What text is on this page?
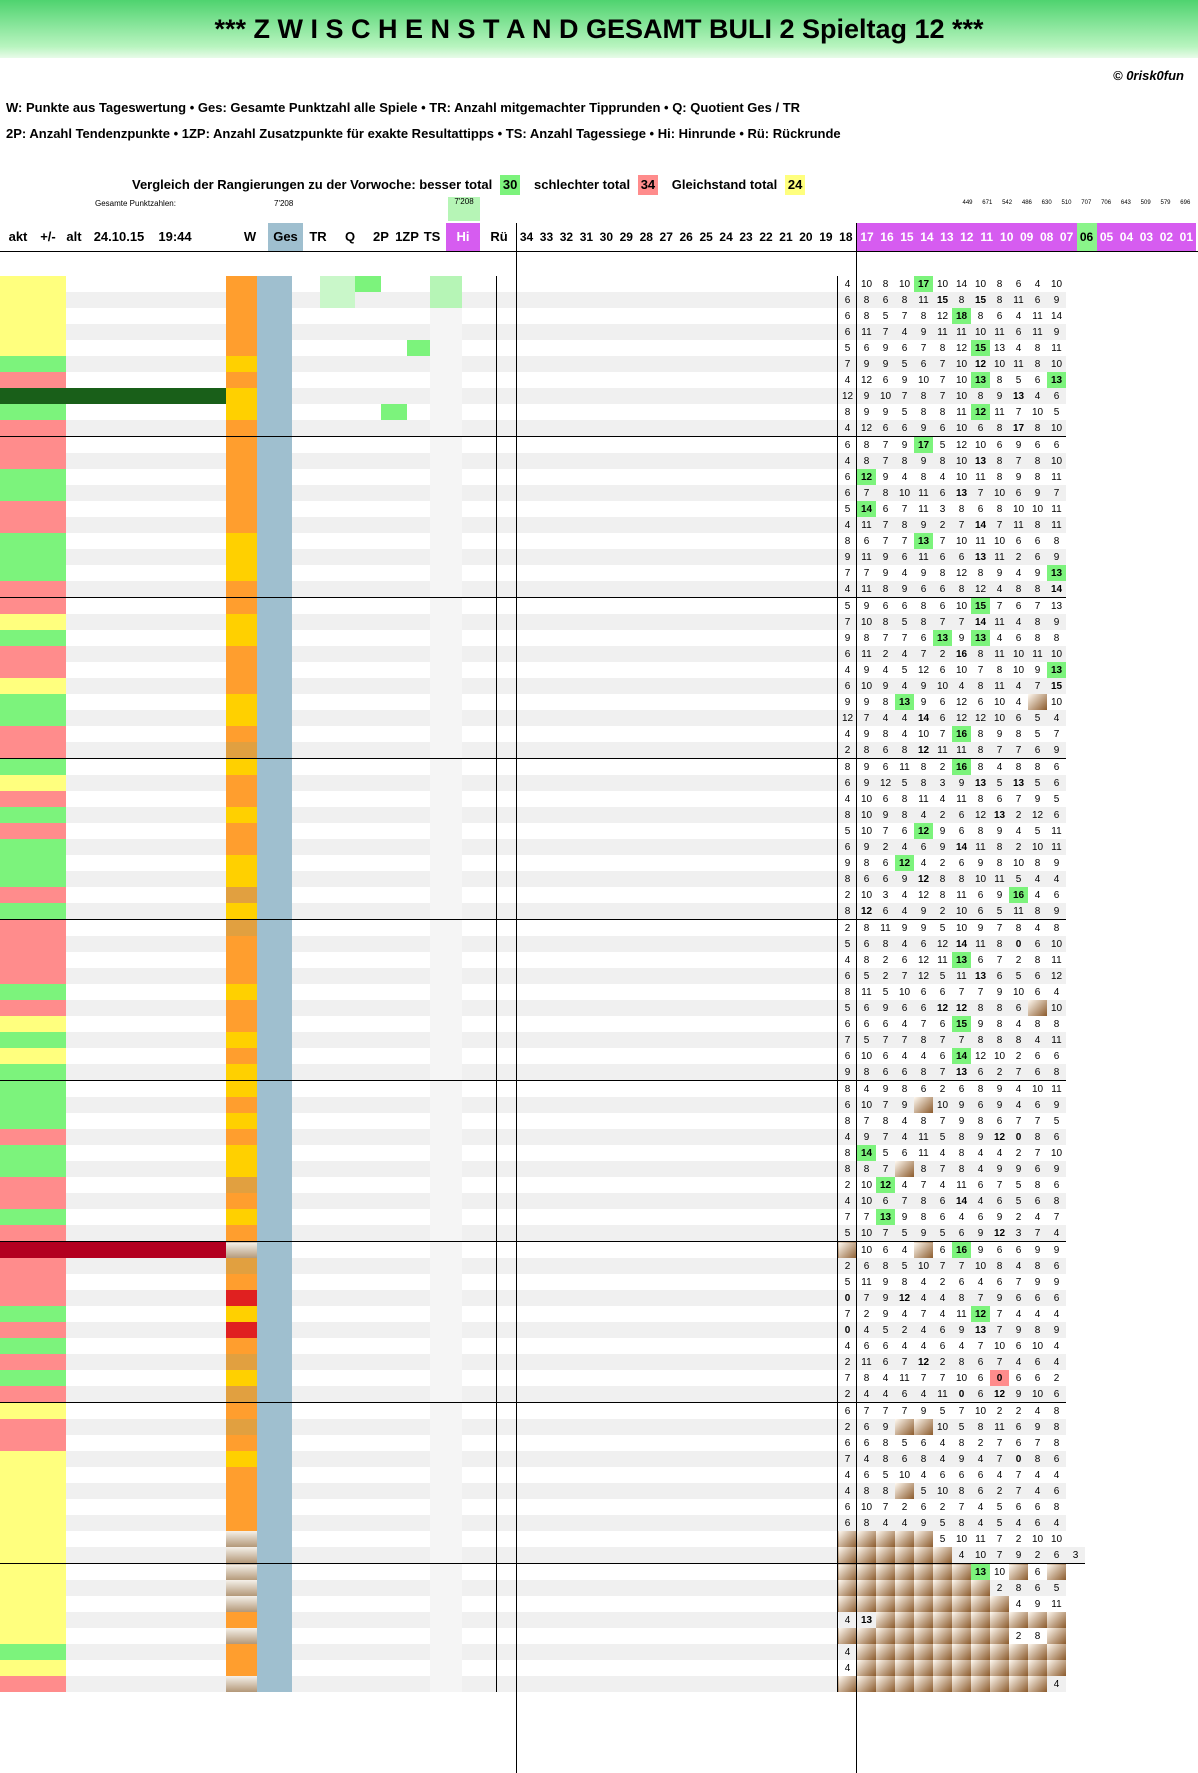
*** Z W I S C H E N S T A N D GESAMT BULI 2 Spieltag 12 ***
© 0risk0fun
W: Punkte aus Tageswertung • Ges: Gesamte Punktzahl alle Spiele • TR: Anzahl mitgemachter Tipprunden • Q: Quotient Ges / TR
2P: Anzahl Tendenzpunkte • 1ZP: Anzahl Zusatzpunkte für exakte Resultattipps • TS: Anzahl Tagessiege • Hi: Hinrunde • Rü: Rückrunde
Vergleich der Rangierungen zu der Vorwoche: besser total 30 schlechter total 34 Gleichstand total 24
Gesamte Punktzahlen:	7'208	7'208	449	671	542	486	630	510	707	706	643	509	579	696
akt +/- alt 24.10.15	19:44	W	Ges TR	Q	2P 1ZP TS	Hi	Rü	34 33 32 31 30 29 28 27 26 25 24 23 22 21 20 19 18 17 16 15 14 13 12 11 10 09 08 07 06 05 04 03 02 01
														4	10	8	10	17	10	14	10	8	6	4	10	
														6	8	6	8	11	15	8	15	8	11	6	9	
														6	8	5	7	8	12	18	8	6	4	11	14	
														6	11	7	4	9	11	11	10	11	6	11	9	
														5	6	9	6	7	8	12	15	13	4	8	11	
														7	9	9	5	6	7	10	12	10	11	8	10	
														4	12	6	9	10	7	10	13	8	5	6	13	
														12	9	10	7	8	7	10	8	9	13	4	6	
														8	9	9	5	8	8	11	12	11	7	10	5	
														4	12	6	6	9	6	10	6	8	17	8	10	
														6	8	7	9	17	5	12	10	6	9	6	6	
														4	8	7	8	9	8	10	13	8	7	8	10	
														6	12	9	4	8	4	10	11	8	9	8	11	
														6	7	8	10	11	6	13	7	10	6	9	7	
														5	14	6	7	11	3	8	6	8	10	10	11	
														4	11	7	8	9	2	7	14	7	11	8	11	
														8	6	7	7	13	7	10	11	10	6	6	8	
														9	11	9	6	11	6	6	13	11	2	6	9	
														7	7	9	4	9	8	12	8	9	4	9	13	
														4	11	8	9	6	6	8	12	4	8	8	14	
														5	9	6	6	8	6	10	15	7	6	7	13	
														7	10	8	5	8	7	7	14	11	4	8	9	
														9	8	7	7	6	13	9	13	4	6	8	8	
														6	11	2	4	7	2	16	8	11	10	11	10	
														4	9	4	5	12	6	10	7	8	10	9	13	
														6	10	9	4	9	10	4	8	11	4	7	15	
														9	9	8	13	9	6	12	6	10	4		10	
														12	7	4	4	14	6	12	12	10	6	5	4	
														4	9	8	4	10	7	16	8	9	8	5	7	
														2	8	6	8	12	11	11	8	7	7	6	9	
														8	9	6	11	8	2	16	8	4	8	8	6	
														6	9	12	5	8	3	9	13	5	13	5	6	
														4	10	6	8	11	4	11	8	6	7	9	5	
														8	10	9	8	4	2	6	12	13	2	12	6	
														5	10	7	6	12	9	6	8	9	4	5	11	
														6	9	2	4	6	9	14	11	8	2	10	11	
														9	8	6	12	4	2	6	9	8	10	8	9	
														8	6	6	9	12	8	8	10	11	5	4	4	
														2	10	3	4	12	8	11	6	9	16	4	6	
														8	12	6	4	9	2	10	6	5	11	8	9	
														2	8	11	9	9	5	10	9	7	8	4	8	
														5	6	8	4	6	12	14	11	8	0	6	10	
														4	8	2	6	12	11	13	6	7	2	8	11	
														6	5	2	7	12	5	11	13	6	5	6	12	
														8	11	5	10	6	6	7	7	9	10	6	4	
														5	6	9	6	6	12	12	8	8	6		10	
														6	6	6	4	7	6	15	9	8	4	8	8	
														7	5	7	7	8	7	7	8	8	8	4	11	
														6	10	6	4	4	6	14	12	10	2	6	6	
														9	8	6	6	8	7	13	6	2	7	6	8	
														8	4	9	8	6	2	6	8	9	4	10	11	
														6	10	7	9		10	9	6	9	4	6	9	
														8	7	8	4	8	7	9	8	6	7	7	5	
														4	9	7	4	11	5	8	9	12	0	8	6	
														8	14	5	6	11	4	8	4	4	2	7	10	
														8	8	7		8	7	8	4	9	9	6	9	
														2	10	12	4	7	4	11	6	7	5	8	6	
														4	10	6	7	8	6	14	4	6	5	6	8	
														7	7	13	9	8	6	4	6	9	2	4	7	
														5	10	7	5	9	5	6	9	12	3	7	4	
															10	6	4		6	16	9	6	6	9	9	
														2	6	8	5	10	7	7	10	8	4	8	6	
														5	11	9	8	4	2	6	4	6	7	9	9	
														0	7	9	12	4	4	8	7	9	6	6	6	
														7	2	9	4	7	4	11	12	7	4	4	4	
														0	4	5	2	4	6	9	13	7	9	8	9	
														4	6	6	4	4	6	4	7	10	6	10	4	
														2	11	6	7	12	2	8	6	7	4	6	4	
														7	8	4	11	7	7	10	6	0	6	6	2	
														2	4	4	6	4	11	0	6	12	9	10	6	
														6	7	7	7	9	5	7	10	2	2	4	8	
														2	6	9			10	5	8	11	6	9	8	
														6	6	8	5	6	4	8	2	7	6	7	8	
														7	4	8	6	8	4	9	4	7	0	8	6	
														4	6	5	10	4	6	6	6	4	7	4	4	
														4	8	8		5	10	8	6	2	7	4	6	
														6	10	7	2	6	2	7	4	5	6	6	8	
														6	8	4	4	9	5	8	4	5	4	6	4	
																			5	10	11	7	2	10	10	
																				4	10	7	9	2	6	3
																					13	10		6		
																						2	8	6	5	
																							4	9	11	
														4	13											
																							2	8		
														4												
														4												
																									4	
